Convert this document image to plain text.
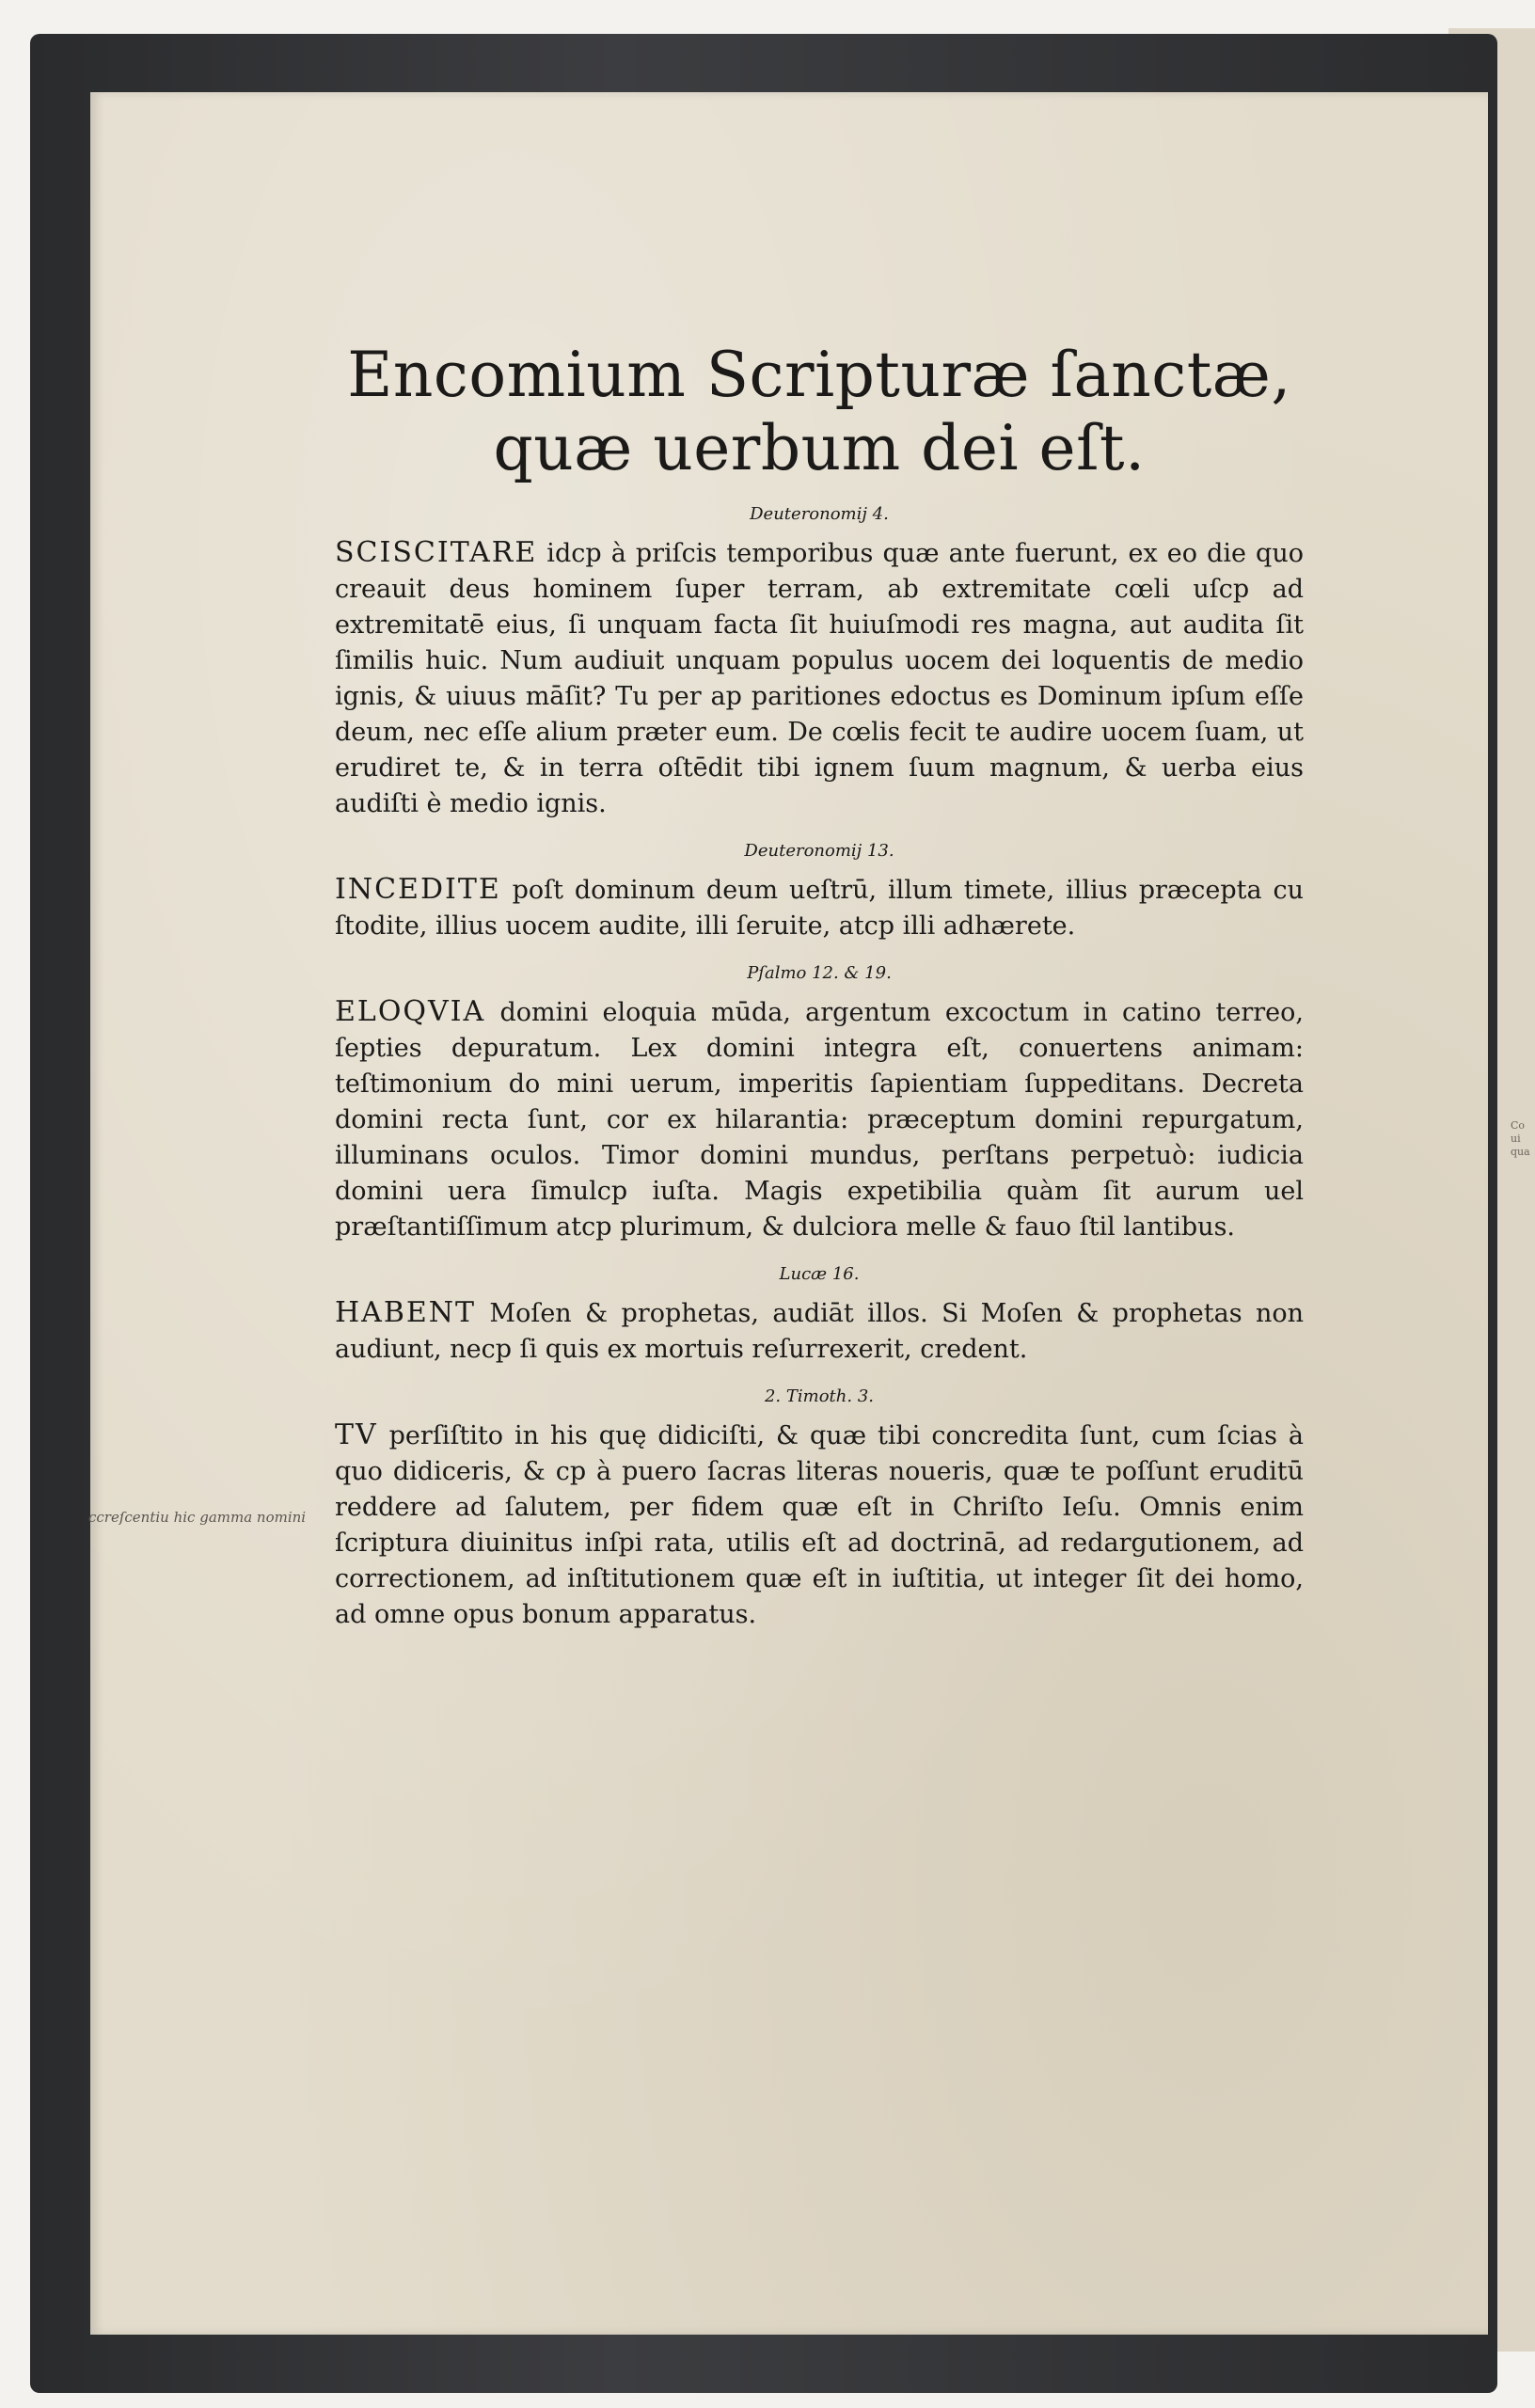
Encomium Scripturæ ſanctæ,
quæ uerbum dei eſt.
Deuteronomij 4.

SCISCITARE idcp à priſcis temporibus quæ ante fuerunt, ex eo die quo creauit deus hominem ſuper terram, ab extremitate cœli uſcp ad extremitatē eius, ſi unquam facta ſit huiuſmodi res magna, aut audita ſit ſimilis huic. Num audiuit unquam populus uocem dei loquentis de medio ignis, & uiuus māſit? Tu per ap paritiones edoctus es Dominum ipſum eſſe deum, nec eſſe alium præter eum. De cœlis fecit te audire uocem ſuam, ut erudiret te, & in terra oſtēdit tibi ignem ſuum magnum, & uerba eius audiſti è medio ignis.

Deuteronomij 13.

INCEDITE poſt dominum deum ueſtrū, illum timete, illius præcepta cu ſtodite, illius uocem audite, illi ſeruite, atcp illi adhærete.

Pſalmo 12. & 19.

ELOQVIA domini eloquia mūda, argentum excoctum in catino terreo, ſepties depuratum. Lex domini integra eſt, conuertens animam: teſtimonium do mini uerum, imperitis ſapientiam ſuppeditans. Decreta domini recta ſunt, cor ex hilarantia: præceptum domini repurgatum, illuminans oculos. Timor domini mundus, perſtans perpetuò: iudicia domini uera ſimulcp iuſta. Magis expetibilia quàm ſit aurum uel præſtantiſſimum atcp plurimum, & dulciora melle & fauo ſtil lantibus.

Lucæ 16.

HABENT Moſen & prophetas, audiāt illos. Si Moſen & prophetas non audiunt, necp ſi quis ex mortuis reſurrexerit, credent.

2. Timoth. 3.

TV perſiſtito in his quę didiciſti, & quæ tibi concredita ſunt, cum ſcias à quo didiceris, & cp à puero ſacras literas noueris, quæ te poſſunt eruditū reddere ad ſalutem, per fidem quæ eſt in Chriſto Ieſu. Omnis enim ſcriptura diuinitus inſpi rata, utilis eſt ad doctrinā, ad redargutionem, ad correctionem, ad inſtitutionem quæ eſt in iuſtitia, ut integer ſit dei homo, ad omne opus bonum apparatus.

ccreſcentiu hic gamma nomini
Co ui qua
